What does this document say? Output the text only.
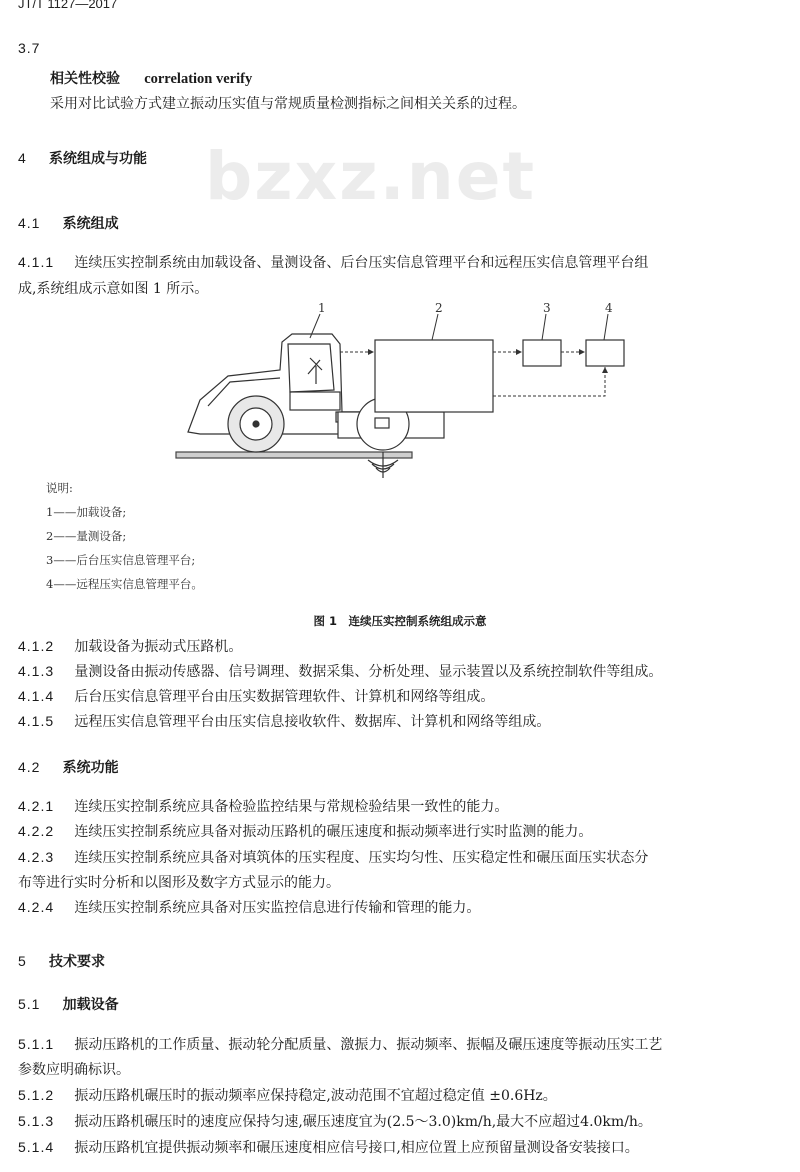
JT/T 1127—2017
bzxz.net
3.7
相关性校验 correlation verify
采用对比试验方式建立振动压实值与常规质量检测指标之间相关关系的过程。
4 系统组成与功能
4.1 系统组成
4.1.1 连续压实控制系统由加载设备、量测设备、后台压实信息管理平台和远程压实信息管理平台组
成,系统组成示意如图 1 所示。
1	2	3	4
说明:
1——加载设备;
2——量测设备;
3——后台压实信息管理平台;
4——远程压实信息管理平台。
图 1　连续压实控制系统组成示意
4.1.2 加载设备为振动式压路机。
4.1.3 量测设备由振动传感器、信号调理、数据采集、分析处理、显示装置以及系统控制软件等组成。
4.1.4 后台压实信息管理平台由压实数据管理软件、计算机和网络等组成。
4.1.5 远程压实信息管理平台由压实信息接收软件、数据库、计算机和网络等组成。
4.2 系统功能
4.2.1 连续压实控制系统应具备检验监控结果与常规检验结果一致性的能力。
4.2.2 连续压实控制系统应具备对振动压路机的碾压速度和振动频率进行实时监测的能力。
4.2.3 连续压实控制系统应具备对填筑体的压实程度、压实均匀性、压实稳定性和碾压面压实状态分
布等进行实时分析和以图形及数字方式显示的能力。
4.2.4 连续压实控制系统应具备对压实监控信息进行传输和管理的能力。
5 技术要求
5.1 加载设备
5.1.1 振动压路机的工作质量、振动轮分配质量、激振力、振动频率、振幅及碾压速度等振动压实工艺
参数应明确标识。
5.1.2 振动压路机碾压时的振动频率应保持稳定,波动范围不宜超过稳定值 ±0.6Hz。
5.1.3 振动压路机碾压时的速度应保持匀速,碾压速度宜为(2.5～3.0)km/h,最大不应超过4.0km/h。
5.1.4 振动压路机宜提供振动频率和碾压速度相应信号接口,相应位置上应预留量测设备安装接口。
